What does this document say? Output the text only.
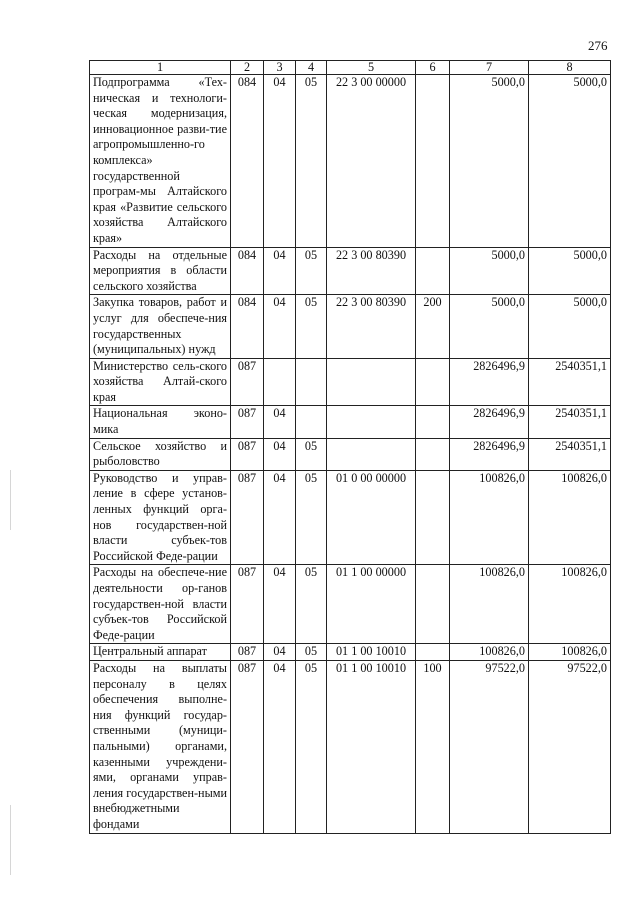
276
1	2	3	4	5	6	7	8
Подпрограмма «Тех-ническая и технологи-ческая модернизация, инновационное разви-тие агропромышленно-го комплекса» государственной програм-мы Алтайского края «Развитие сельского хозяйства Алтайского края»	084	04	05	22 3 00 00000		5000,0	5000,0
Расходы на отдельные мероприятия в области сельского хозяйства	084	04	05	22 3 00 80390		5000,0	5000,0
Закупка товаров, работ и услуг для обеспече-ния государственных (муниципальных) нужд	084	04	05	22 3 00 80390	200	5000,0	5000,0
Министерство сель-ского хозяйства Алтай-ского края	087					2826496,9	2540351,1
Национальная эконо-мика	087	04				2826496,9	2540351,1
Сельское хозяйство и рыболовство	087	04	05			2826496,9	2540351,1
Руководство и управ-ление в сфере установ-ленных функций орга-нов государствен-ной власти субъек-тов Российской Феде-рации	087	04	05	01 0 00 00000		100826,0	100826,0
Расходы на обеспече-ние деятельности ор-ганов государствен-ной власти субъек-тов Российской Феде-рации	087	04	05	01 1 00 00000		100826,0	100826,0
Центральный аппарат	087	04	05	01 1 00 10010		100826,0	100826,0
Расходы на выплаты персоналу в целях обеспечения выполне-ния функций государ-ственными (муници-пальными) органами, казенными учреждени-ями, органами управ-ления государствен-ными внебюджетными фондами	087	04	05	01 1 00 10010	100	97522,0	97522,0
